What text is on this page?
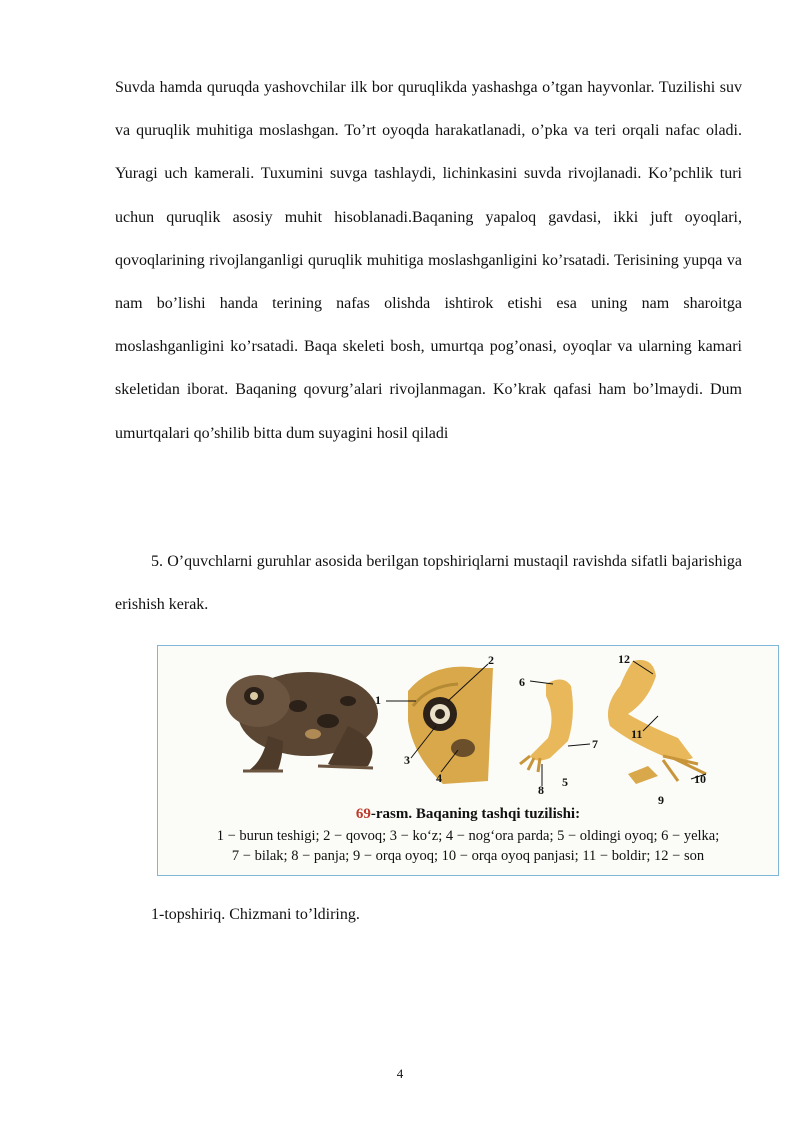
Suvda hamda quruqda yashovchilar ilk bor quruqlikda yashashga o’tgan hayvonlar. Tuzilishi suv va quruqlik muhitiga moslashgan. To’rt oyoqda harakatlanadi, o’pka va teri orqali nafac oladi. Yuragi uch kamerali. Tuxumini suvga tashlaydi, lichinkasini suvda rivojlanadi. Ko’pchlik turi uchun quruqlik asosiy muhit hisoblanadi.Baqaning yapaloq gavdasi, ikki juft oyoqlari, qovoqlarining rivojlanganligi quruqlik muhitiga moslashganligini ko’rsatadi. Terisining yupqa va nam bo’lishi handa terining nafas olishda ishtirok etishi esa uning nam sharoitga moslashganligini ko’rsatadi. Baqa skeleti bosh, umurtqa pog’onasi, oyoqlar va ularning kamari skeletidan iborat. Baqaning qovurg’alari rivojlanmagan. Ko’krak qafasi ham bo’lmaydi. Dum umurtqalari qo’shilib bitta dum suyagini hosil qiladi
5. O’quvchlarni guruhlar asosida berilgan topshiriqlarni mustaqil ravishda sifatli bajarishiga erishish kerak.
1
2
3
4	5
6
7
8
9
10
11
12
69-rasm. Baqaning tashqi tuzilishi:
1 − burun teshigi; 2 − qovoq; 3 − ko‘z; 4 − nog‘ora parda; 5 − oldingi oyoq; 6 − yelka;
7 − bilak; 8 − panja; 9 − orqa oyoq; 10 − orqa oyoq panjasi; 11 − boldir; 12 − son
1-topshiriq. Chizmani to’ldiring.
4
